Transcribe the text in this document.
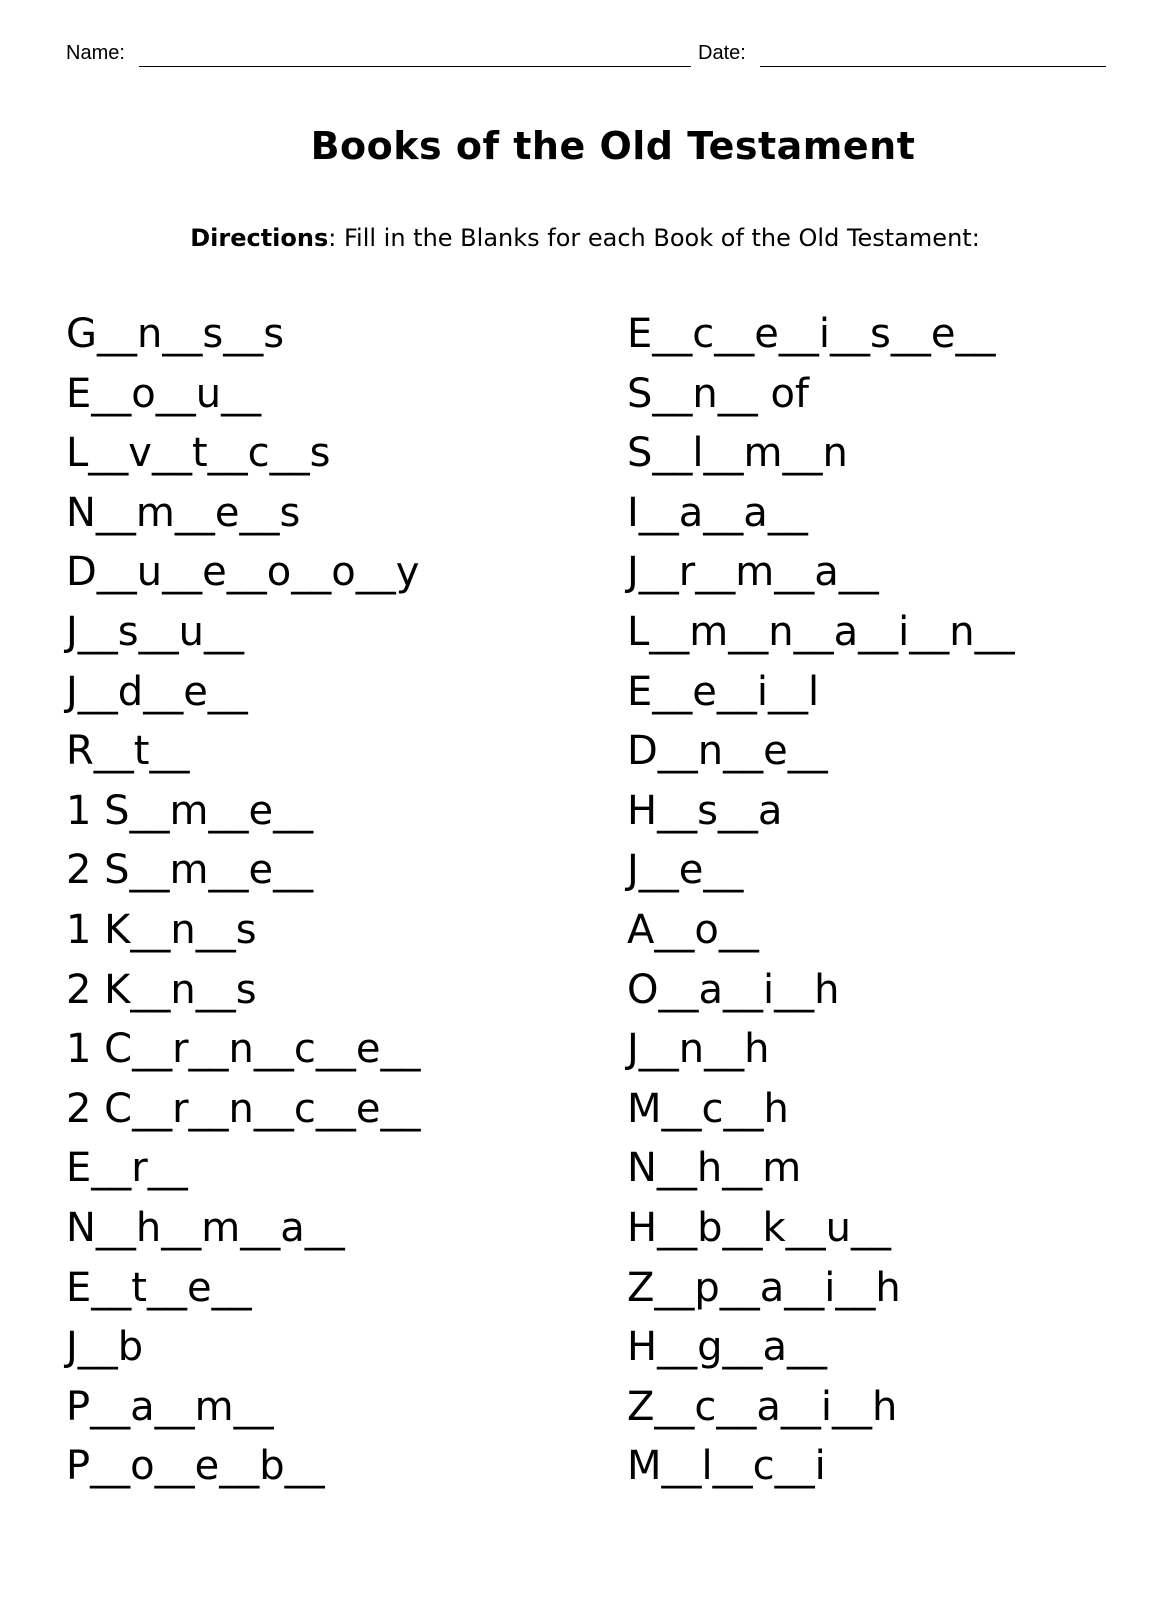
Name:	Date:
Books of the Old Testament
Directions: Fill in the Blanks for each Book of the Old Testament:
G__n__s__s
E__o__u__
L__v__t__c__s
N__m__e__s
D__u__e__o__o__y
J__s__u__
J__d__e__
R__t__
1 S__m__e__
2 S__m__e__
1 K__n__s
2 K__n__s
1 C__r__n__c__e__
2 C__r__n__c__e__
E__r__
N__h__m__a__
E__t__e__
J__b
P__a__m__
P__o__e__b__
E__c__e__i__s__e__
S__n__ of
S__l__m__n
I__a__a__
J__r__m__a__
L__m__n__a__i__n__
E__e__i__l
D__n__e__
H__s__a
J__e__
A__o__
O__a__i__h
J__n__h
M__c__h
N__h__m
H__b__k__u__
Z__p__a__i__h
H__g__a__
Z__c__a__i__h
M__l__c__i
